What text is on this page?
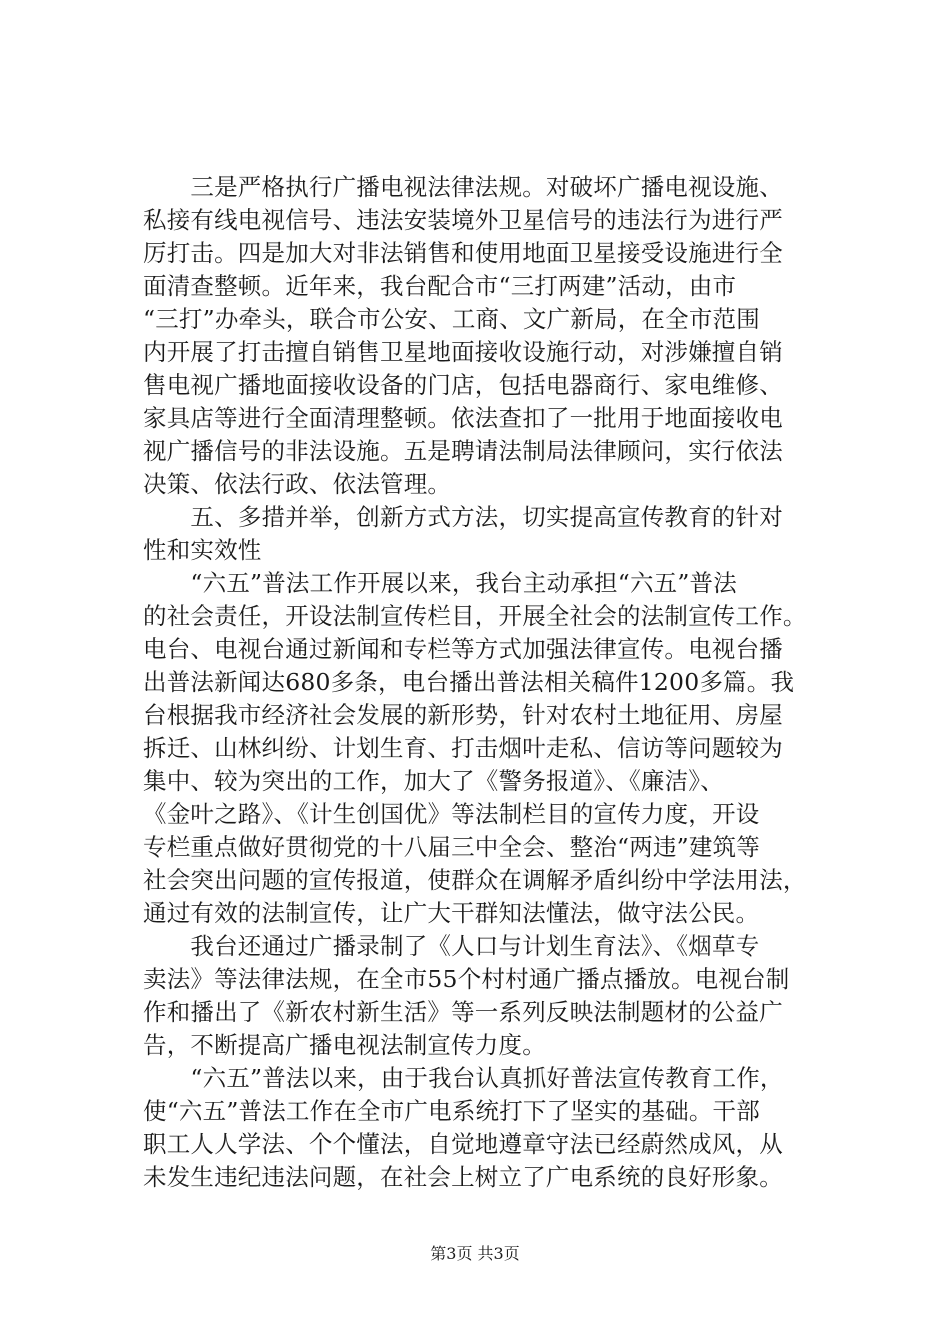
　　三是严格执行广播电视法律法规。对破坏广播电视设施、
私接有线电视信号、违法安装境外卫星信号的违法行为进行严
厉打击。四是加大对非法销售和使用地面卫星接受设施进行全
面清查整顿。近年来，我台配合市“三打两建”活动，由市
“三打”办牵头，联合市公安、工商、文广新局，在全市范围
内开展了打击擅自销售卫星地面接收设施行动，对涉嫌擅自销
售电视广播地面接收设备的门店，包括电器商行、家电维修、
家具店等进行全面清理整顿。依法查扣了一批用于地面接收电
视广播信号的非法设施。五是聘请法制局法律顾问，实行依法
决策、依法行政、依法管理。
　　五、多措并举，创新方式方法，切实提高宣传教育的针对
性和实效性
　　“六五”普法工作开展以来，我台主动承担“六五”普法
的社会责任，开设法制宣传栏目，开展全社会的法制宣传工作。
电台、电视台通过新闻和专栏等方式加强法律宣传。电视台播
出普法新闻达680多条，电台播出普法相关稿件1200多篇。我
台根据我市经济社会发展的新形势，针对农村土地征用、房屋
拆迁、山林纠纷、计划生育、打击烟叶走私、信访等问题较为
集中、较为突出的工作，加大了《警务报道》、《廉洁》、
《金叶之路》、《计生创国优》等法制栏目的宣传力度，开设
专栏重点做好贯彻党的十八届三中全会、整治“两违”建筑等
社会突出问题的宣传报道，使群众在调解矛盾纠纷中学法用法，
通过有效的法制宣传，让广大干群知法懂法，做守法公民。
　　我台还通过广播录制了《人口与计划生育法》、《烟草专
卖法》等法律法规，在全市55个村村通广播点播放。电视台制
作和播出了《新农村新生活》等一系列反映法制题材的公益广
告，不断提高广播电视法制宣传力度。
　　“六五”普法以来，由于我台认真抓好普法宣传教育工作，
使“六五”普法工作在全市广电系统打下了坚实的基础。干部
职工人人学法、个个懂法，自觉地遵章守法已经蔚然成风，从
未发生违纪违法问题，在社会上树立了广电系统的良好形象。
第3页 共3页
